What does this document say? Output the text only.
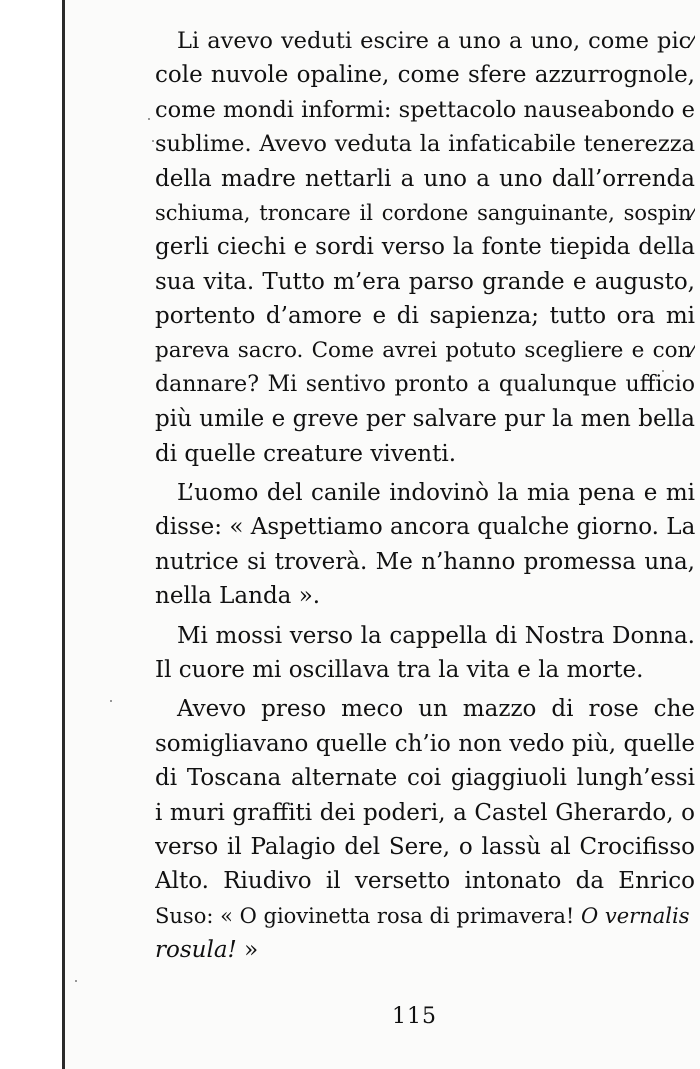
Li avevo veduti escire a uno a uno, come pic⁄
cole nuvole opaline, come sfere azzurrognole,
come mondi informi: spettacolo nauseabondo e
sublime. Avevo veduta la infaticabile tenerezza
della madre nettarli a uno a uno dall’orrenda
schiuma, troncare il cordone sanguinante, sospin⁄
gerli ciechi e sordi verso la fonte tiepida della
sua vita. Tutto m’era parso grande e augusto,
portento d’amore e di sapienza; tutto ora mi
pareva sacro. Come avrei potuto scegliere e con⁄
dannare? Mi sentivo pronto a qualunque ufficio
più umile e greve per salvare pur la men bella
di quelle creature viventi.
L’uomo del canile indovinò la mia pena e mi
disse: « Aspettiamo ancora qualche giorno. La
nutrice si troverà. Me n’hanno promessa una,
nella Landa ».
Mi mossi verso la cappella di Nostra Donna.
Il cuore mi oscillava tra la vita e la morte.
Avevo preso meco un mazzo di rose che
somigliavano quelle ch’io non vedo più, quelle
di Toscana alternate coi giaggiuoli lungh’essi
i muri graffiti dei poderi, a Castel Gherardo, o
verso il Palagio del Sere, o lassù al Crocifisso
Alto. Riudivo il versetto intonato da Enrico
Suso: « O giovinetta rosa di primavera! O vernalis
rosula! »
115
